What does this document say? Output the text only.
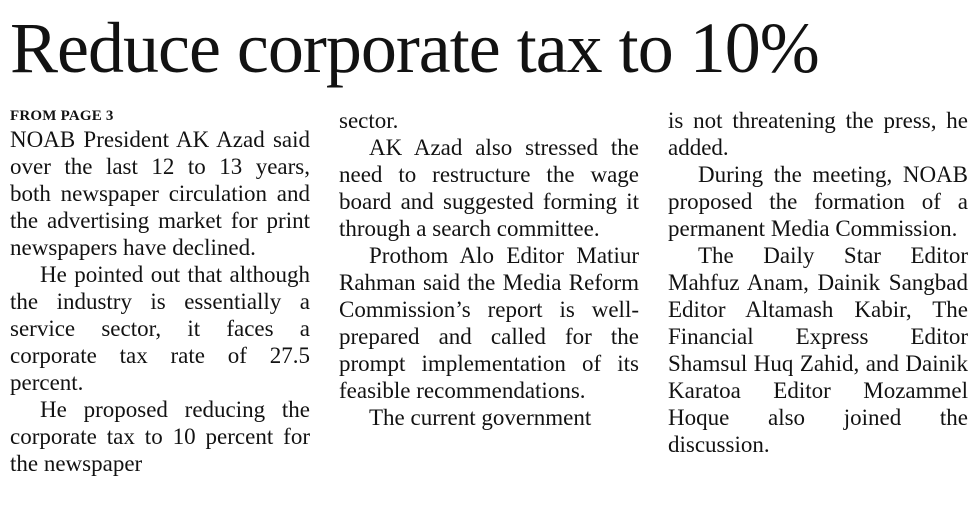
Reduce corporate tax to 10%
FROM PAGE 3

NOAB President AK Azad said over the last 12 to 13 years, both newspaper circulation and the advertising market for print newspapers have declined.

He pointed out that although the industry is essentially a service sector, it faces a corporate tax rate of 27.5 percent.

He proposed reducing the corporate tax to 10 percent for the newspaper

sector.

AK Azad also stressed the need to restructure the wage board and suggested forming it through a search committee.

Prothom Alo Editor Matiur Rahman said the Media Reform Commission’s report is well-prepared and called for the prompt implementation of its feasible recommendations.

The current government

is not threatening the press, he added.

During the meeting, NOAB proposed the formation of a permanent Media Commission.

The Daily Star Editor Mahfuz Anam, Dainik Sangbad Editor Altamash Kabir, The Financial Express Editor Shamsul Huq Zahid, and Dainik Karatoa Editor Mozammel Hoque also joined the discussion.
